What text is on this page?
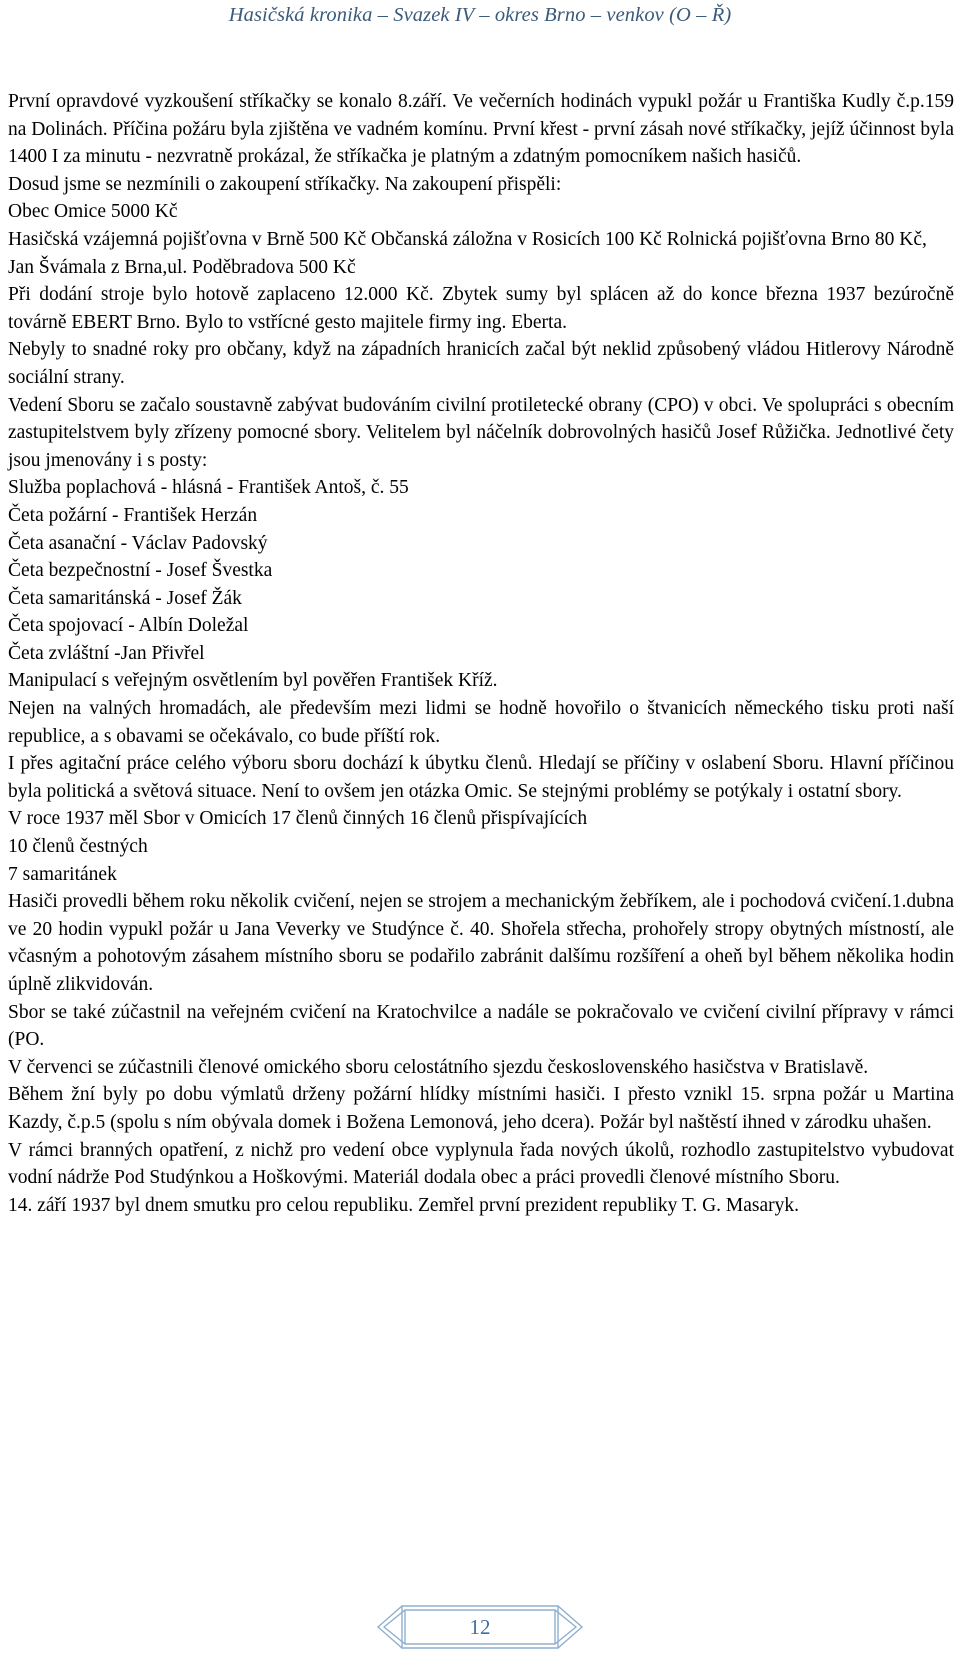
Hasičská kronika – Svazek IV – okres Brno – venkov (O – Ř)

První opravdové vyzkoušení stříkačky se konalo 8.září. Ve večerních hodinách vypukl požár u Františka Kudly č.p.159 na Dolinách. Příčina požáru byla zjištěna ve vadném komínu. První křest - první zásah nové stříkačky, jejíž účinnost byla 1400 I za minutu - nezvratně prokázal, že stříkačka je platným a zdatným pomocníkem našich hasičů.

Dosud jsme se nezmínili o zakoupení stříkačky. Na zakoupení přispěli:

Obec Omice 5000 Kč

Hasičská vzájemná pojišťovna v Brně 500 Kč Občanská záložna v Rosicích 100 Kč Rolnická pojišťovna Brno 80 Kč,

Jan Švámala z Brna,ul. Poděbradova 500 Kč

Při dodání stroje bylo hotově zaplaceno 12.000 Kč. Zbytek sumy byl splácen až do konce března 1937 bezúročně továrně EBERT Brno. Bylo to vstřícné gesto majitele firmy ing. Eberta.

Nebyly to snadné roky pro občany, když na západních hranicích začal být neklid způsobený vládou Hitlerovy Národně sociální strany.

Vedení Sboru se začalo soustavně zabývat budováním civilní protiletecké obrany (CPO) v obci. Ve spolupráci s obecním zastupitelstvem byly zřízeny pomocné sbory. Velitelem byl náčelník dobrovolných hasičů Josef Růžička. Jednotlivé čety jsou jmenovány i s posty:

Služba poplachová - hlásná - František Antoš, č. 55

Četa požární - František Herzán

Četa asanační - Václav Padovský

Četa bezpečnostní - Josef Švestka

Četa samaritánská - Josef Žák

Četa spojovací - Albín Doležal

Četa zvláštní -Jan Přivřel

Manipulací s veřejným osvětlením byl pověřen František Kříž.

Nejen na valných hromadách, ale především mezi lidmi se hodně hovořilo o štvanicích německého tisku proti naší republice, a s obavami se očekávalo, co bude příští rok.

I přes agitační práce celého výboru sboru dochází k úbytku členů. Hledají se příčiny v oslabení Sboru. Hlavní příčinou byla politická a světová situace. Není to ovšem jen otázka Omic. Se stejnými problémy se potýkaly i ostatní sbory.

V roce 1937 měl Sbor v Omicích 17 členů činných 16 členů přispívajících

10 členů čestných

7 samaritánek

Hasiči provedli během roku několik cvičení, nejen se strojem a mechanickým žebříkem, ale i pochodová cvičení.1.dubna ve 20 hodin vypukl požár u Jana Veverky ve Studýnce č. 40. Shořela střecha, prohořely stropy obytných místností, ale včasným a pohotovým zásahem místního sboru se podařilo zabránit dalšímu rozšíření a oheň byl během několika hodin úplně zlikvidován.

Sbor se také zúčastnil na veřejném cvičení na Kratochvilce a nadále se pokračovalo ve cvičení civilní přípravy v rámci (PO.

V červenci se zúčastnili členové omického sboru celostátního sjezdu československého hasičstva v Bratislavě.

Během žní byly po dobu výmlatů drženy požární hlídky místními hasiči. I přesto vznikl 15. srpna požár u Martina Kazdy, č.p.5 (spolu s ním obývala domek i Božena Lemonová, jeho dcera). Požár byl naštěstí ihned v zárodku uhašen.

V rámci branných opatření, z nichž pro vedení obce vyplynula řada nových úkolů, rozhodlo zastupitelstvo vybudovat vodní nádrže Pod Studýnkou a Hoškovými. Materiál dodala obec a práci provedli členové místního Sboru.

14. září 1937 byl dnem smutku pro celou republiku. Zemřel první prezident republiky T. G. Masaryk.

12
